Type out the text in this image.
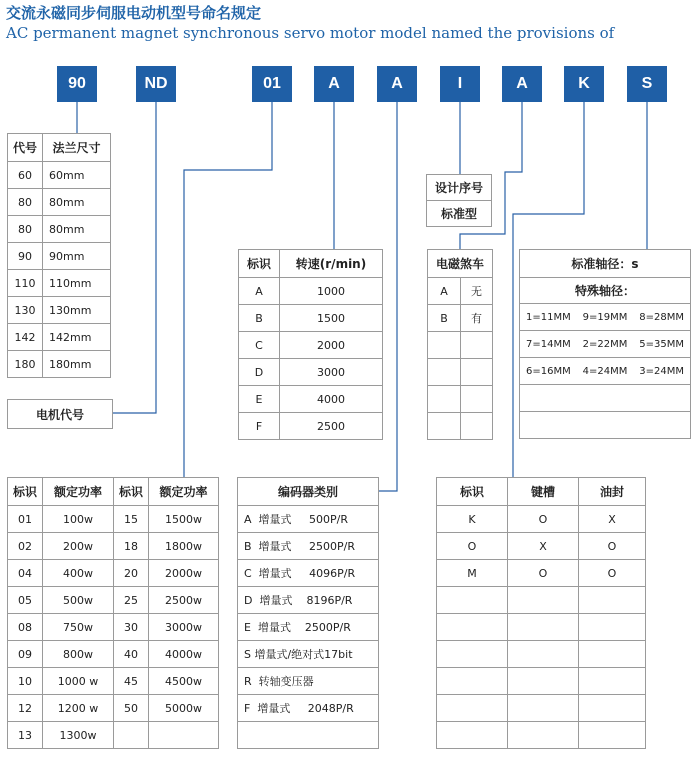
交流永磁同步伺服电动机型号命名规定
AC permanent magnet synchronous servo motor model named the provisions of
90	ND	01	A	A	I	A	K	S
代号	法兰尺寸
60	60mm
80	80mm
80	80mm
90	90mm
110	110mm
130	130mm
142	142mm
180	180mm
电机代号
标识	额定功率	标识	额定功率
01	100w	15	1500w
02	200w	18	1800w
04	400w	20	2000w
05	500w	25	2500w
08	750w	30	3000w
09	800w	40	4000w
10	1000 w	45	4500w
12	1200 w	50	5000w
13	1300w		
标识	转速(r/min)
A	1000
B	1500
C	2000
D	3000
E	4000
F	2500
编码器类别
A  增量式     500P/R
B  增量式     2500P/R
C  增量式     4096P/R
D  增量式    8196P/R
E  增量式    2500P/R
S 增量式/绝对式17bit
R  转轴变压器
F  增量式     2048P/R

设计序号
标准型
电磁煞车	
A	无
B	有

标准轴径：s		
特殊轴径：		
1=11MM	9=19MM	8=28MM
7=14MM	2=22MM	5=35MM
6=16MM	4=24MM	3=24MM

标识	键槽	油封
K	O	X
O	X	O
M	O	O
